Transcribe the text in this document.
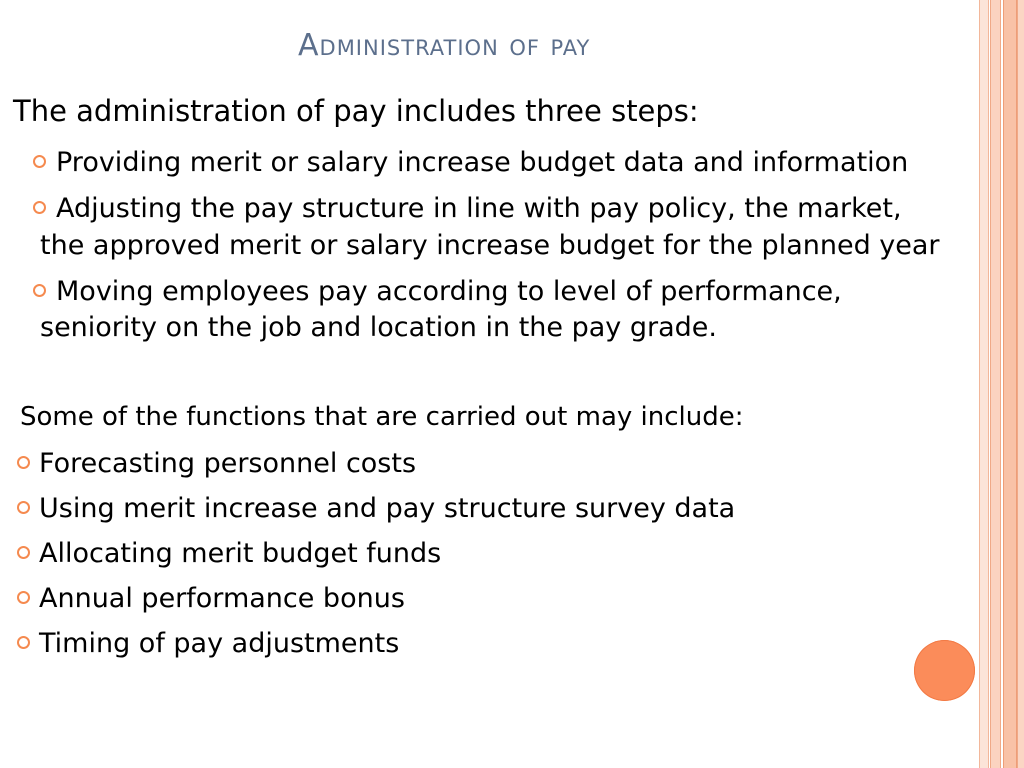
Administration of pay
The administration of pay includes three steps:
Providing merit or salary increase budget data and information
Adjusting the pay structure in line with pay policy, the market,
the approved merit or salary increase budget for the planned year
Moving employees pay according to level of performance,
seniority on the job and location in the pay grade.
Some of the functions that are carried out may include:
Forecasting personnel costs
Using merit increase and pay structure survey data
Allocating merit budget funds
Annual performance bonus
Timing of pay adjustments
